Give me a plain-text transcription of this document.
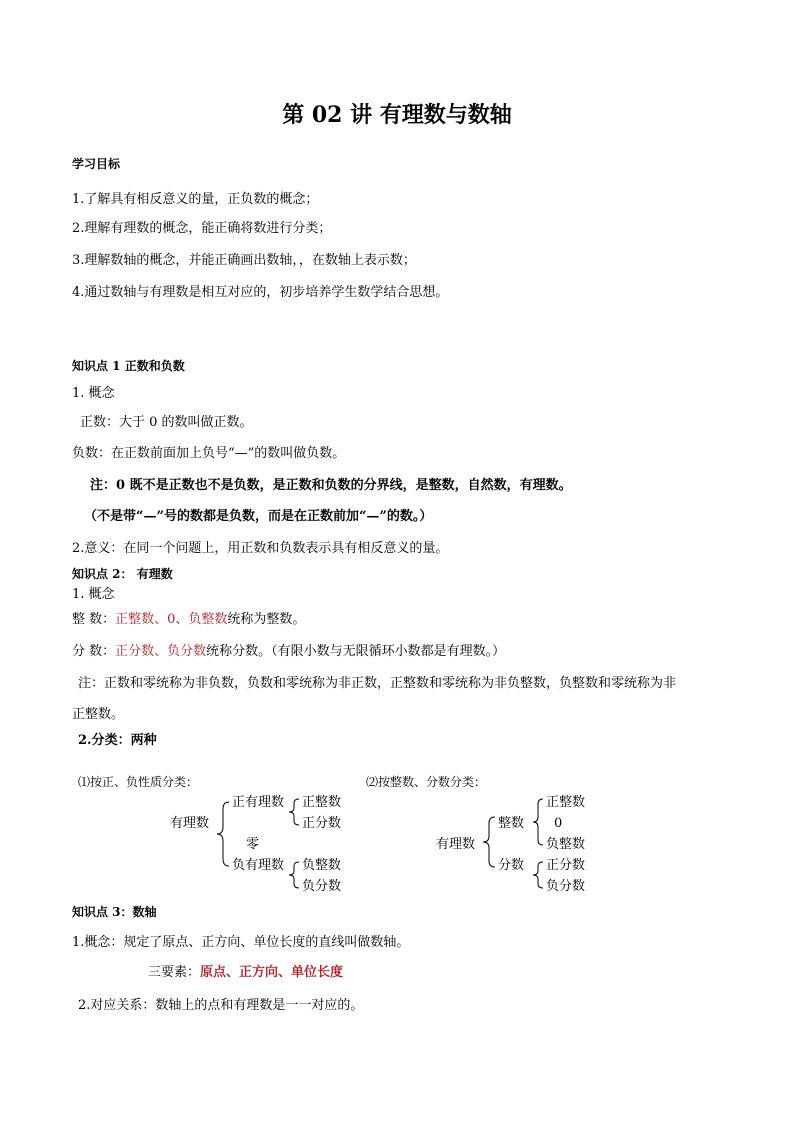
第 02 讲 有理数与数轴
学习目标
1.了解具有相反意义的量，正负数的概念；
2.理解有理数的概念，能正确将数进行分类；
3.理解数轴的概念，并能正确画出数轴，，在数轴上表示数；
4.通过数轴与有理数是相互对应的，初步培养学生数学结合思想。
知识点 1 正数和负数
1. 概念
正数：大于 0 的数叫做正数。
负数：在正数前面加上负号“—”的数叫做负数。
注：0 既不是正数也不是负数，是正数和负数的分界线，是整数，自然数，有理数。
（不是带“—”号的数都是负数，而是在正数前加“—”的数。）
2.意义：在同一个问题上，用正数和负数表示具有相反意义的量。
知识点 2： 有理数
1. 概念
整 数：正整数、0、负整数统称为整数。
分 数：正分数、负分数统称分数。（有限小数与无限循环小数都是有理数。）
注：正数和零统称为非负数，负数和零统称为非正数，正整数和零统称为非负整数，负整数和零统称为非
正整数。
2.分类：两种
⑴按正、负性质分类：
有理数
正有理数 正整数
正分数
零
负有理数 负整数
负分数
⑵按整数、分数分类：
有理数
整数
正整数
0
负整数
分数 正分数
负分数
知识点 3：数轴
1.概念：规定了原点、正方向、单位长度的直线叫做数轴。
三要素：原点、正方向、单位长度
2.对应关系：数轴上的点和有理数是一一对应的。
